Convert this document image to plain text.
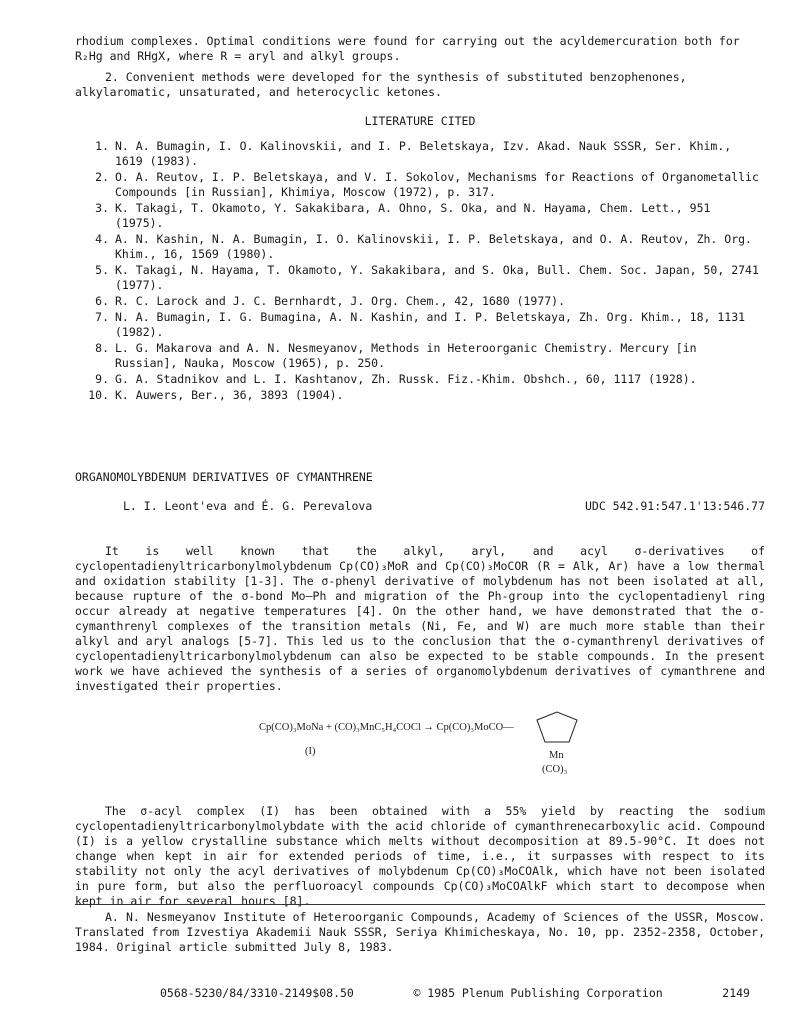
rhodium complexes. Optimal conditions were found for carrying out the acyldemercuration both for R₂Hg and RHgX, where R = aryl and alkyl groups.

2. Convenient methods were developed for the synthesis of substituted benzophenones, alkylaromatic, unsaturated, and heterocyclic ketones.

LITERATURE CITED

1. N. A. Bumagin, I. O. Kalinovskii, and I. P. Beletskaya, Izv. Akad. Nauk SSSR, Ser. Khim., 1619 (1983).
2. O. A. Reutov, I. P. Beletskaya, and V. I. Sokolov, Mechanisms for Reactions of Organometallic Compounds [in Russian], Khimiya, Moscow (1972), p. 317.
3. K. Takagi, T. Okamoto, Y. Sakakibara, A. Ohno, S. Oka, and N. Hayama, Chem. Lett., 951 (1975).
4. A. N. Kashin, N. A. Bumagin, I. O. Kalinovskii, I. P. Beletskaya, and O. A. Reutov, Zh. Org. Khim., 16, 1569 (1980).
5. K. Takagi, N. Hayama, T. Okamoto, Y. Sakakibara, and S. Oka, Bull. Chem. Soc. Japan, 50, 2741 (1977).
6. R. C. Larock and J. C. Bernhardt, J. Org. Chem., 42, 1680 (1977).
7. N. A. Bumagin, I. G. Bumagina, A. N. Kashin, and I. P. Beletskaya, Zh. Org. Khim., 18, 1131 (1982).
8. L. G. Makarova and A. N. Nesmeyanov, Methods in Heteroorganic Chemistry. Mercury [in Russian], Nauka, Moscow (1965), p. 250.
9. G. A. Stadnikov and L. I. Kashtanov, Zh. Russk. Fiz.-Khim. Obshch., 60, 1117 (1928).
10. K. Auwers, Ber., 36, 3893 (1904).

ORGANOMOLYBDENUM DERIVATIVES OF CYMANTHRENE

L. I. Leont'eva and É. G. Perevalova	UDC 542.91:547.1'13:546.77

It is well known that the alkyl, aryl, and acyl σ-derivatives of cyclopentadienyltricarbonylmolybdenum Cp(CO)₃MoR and Cp(CO)₃MoCOR (R = Alk, Ar) have a low thermal and oxidation stability [1-3]. The σ-phenyl derivative of molybdenum has not been isolated at all, because rupture of the σ-bond Mo—Ph and migration of the Ph-group into the cyclopentadienyl ring occur already at negative temperatures [4]. On the other hand, we have demonstrated that the σ-cymanthrenyl complexes of the transition metals (Ni, Fe, and W) are much more stable than their alkyl and aryl analogs [5-7]. This led us to the conclusion that the σ-cymanthrenyl derivatives of cyclopentadienyltricarbonylmolybdenum can also be expected to be stable compounds. In the present work we have achieved the synthesis of a series of organomolybdenum derivatives of cymanthrene and investigated their properties.

Cp(CO)₃MoNa + (CO)₃MnC₅H₄COCl → Cp(CO)₃MoCO—
(I)	Mn
(CO)₃

The σ-acyl complex (I) has been obtained with a 55% yield by reacting the sodium cyclopentadienyltricarbonylmolybdate with the acid chloride of cymanthrenecarboxylic acid. Compound (I) is a yellow crystalline substance which melts without decomposition at 89.5-90°C. It does not change when kept in air for extended periods of time, i.e., it surpasses with respect to its stability not only the acyl derivatives of molybdenum Cp(CO)₃MoCOAlk, which have not been isolated in pure form, but also the perfluoroacyl compounds Cp(CO)₃MoCOAlkF which start to decompose when kept in air for several hours [8].

A. N. Nesmeyanov Institute of Heteroorganic Compounds, Academy of Sciences of the USSR, Moscow. Translated from Izvestiya Akademii Nauk SSSR, Seriya Khimicheskaya, No. 10, pp. 2352-2358, October, 1984. Original article submitted July 8, 1983.

0568-5230/84/3310-2149$08.50	© 1985 Plenum Publishing Corporation	2149
